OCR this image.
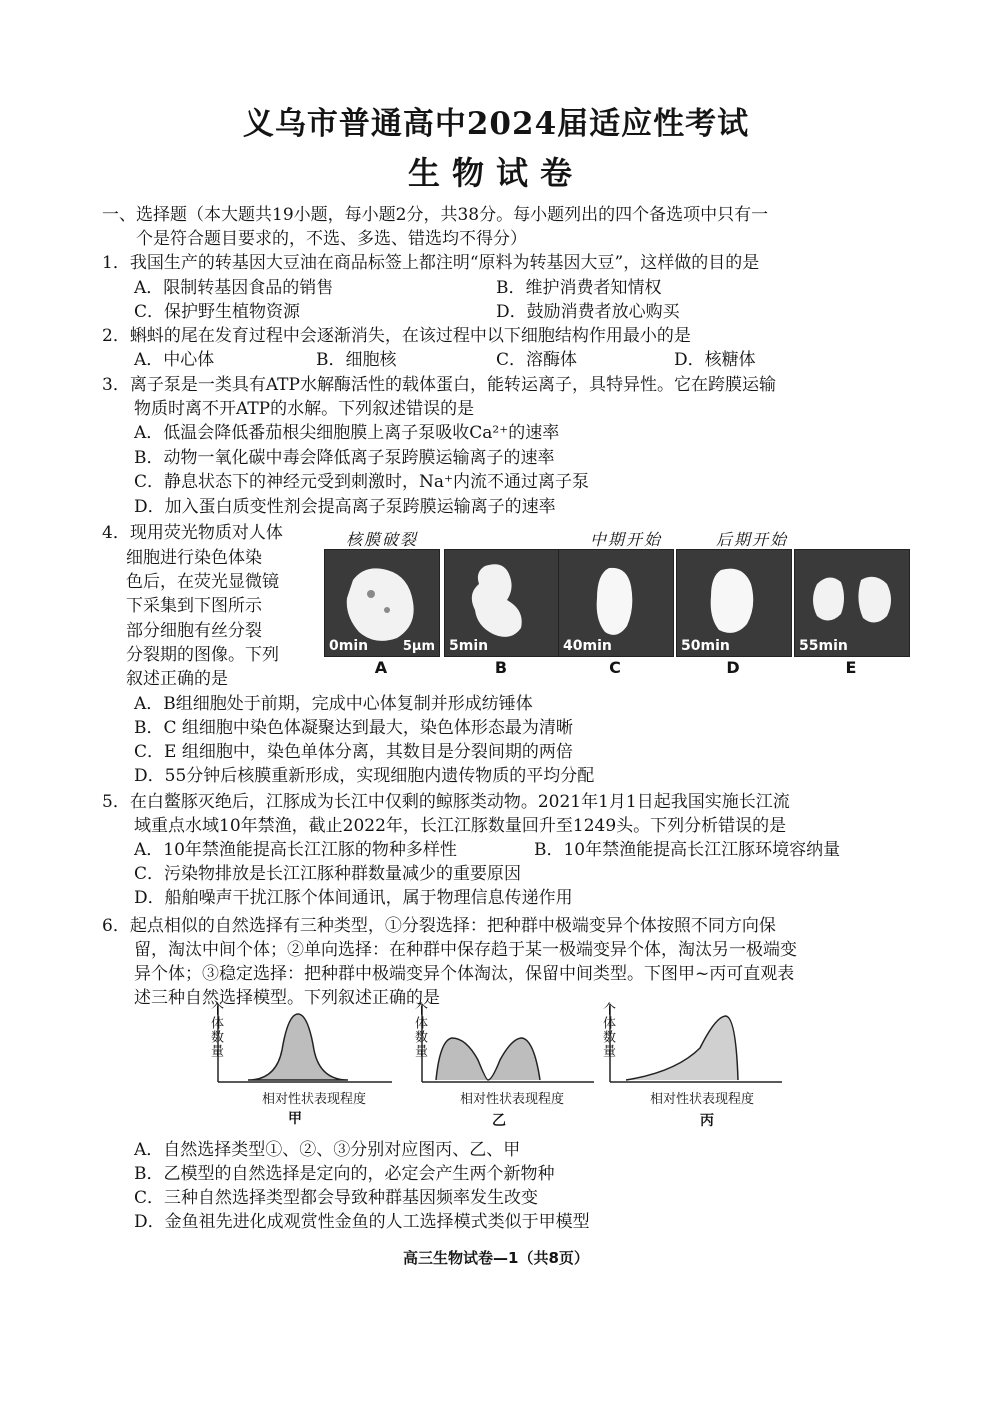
义乌市普通高中2024届适应性考试
生物试卷
一、选择题（本大题共19小题，每小题2分，共38分。每小题列出的四个备选项中只有一
个是符合题目要求的，不选、多选、错选均不得分）
1．我国生产的转基因大豆油在商品标签上都注明“原料为转基因大豆”，这样做的目的是
A．限制转基因食品的销售	B．维护消费者知情权
C．保护野生植物资源	D．鼓励消费者放心购买
2．蝌蚪的尾在发育过程中会逐渐消失，在该过程中以下细胞结构作用最小的是
A．中心体	B．细胞核	C．溶酶体	D．核糖体
3．离子泵是一类具有ATP水解酶活性的载体蛋白，能转运离子，具特异性。它在跨膜运输
物质时离不开ATP的水解。下列叙述错误的是
A．低温会降低番茄根尖细胞膜上离子泵吸收Ca²⁺的速率
B．动物一氧化碳中毒会降低离子泵跨膜运输离子的速率
C．静息状态下的神经元受到刺激时，Na⁺内流不通过离子泵
D．加入蛋白质变性剂会提高离子泵跨膜运输离子的速率
4．现用荧光物质对人体
细胞进行染色体染
色后，在荧光显微镜
下采集到下图所示
部分细胞有丝分裂
分裂期的图像。下列
叙述正确的是
核膜破裂	中期开始	后期开始
0min	5μm 5min	40min	50min	55min
A	B	C	D	E
A．B组细胞处于前期，完成中心体复制并形成纺锤体
B．C 组细胞中染色体凝聚达到最大，染色体形态最为清晰
C．E 组细胞中，染色单体分离，其数目是分裂间期的两倍
D．55分钟后核膜重新形成，实现细胞内遗传物质的平均分配
5．在白鳖豚灭绝后，江豚成为长江中仅剩的鲸豚类动物。2021年1月1日起我国实施长江流
域重点水域10年禁渔，截止2022年，长江江豚数量回升至1249头。下列分析错误的是
A．10年禁渔能提高长江江豚的物种多样性	B．10年禁渔能提高长江江豚环境容纳量
C．污染物排放是长江江豚种群数量减少的重要原因
D．船舶噪声干扰江豚个体间通讯，属于物理信息传递作用
6．起点相似的自然选择有三种类型，①分裂选择：把种群中极端变异个体按照不同方向保
留，淘汰中间个体；②单向选择：在种群中保存趋于某一极端变异个体，淘汰另一极端变
异个体；③稳定选择：把种群中极端变异个体淘汰，保留中间类型。下图甲~丙可直观表
述三种自然选择模型。下列叙述正确的是
个体数量
相对性状表现程度
甲
个体数量
相对性状表现程度
乙
个体数量
相对性状表现程度
丙
A．自然选择类型①、②、③分别对应图丙、乙、甲
B．乙模型的自然选择是定向的，必定会产生两个新物种
C．三种自然选择类型都会导致种群基因频率发生改变
D．金鱼祖先进化成观赏性金鱼的人工选择模式类似于甲模型
高三生物试卷—1（共8页）
